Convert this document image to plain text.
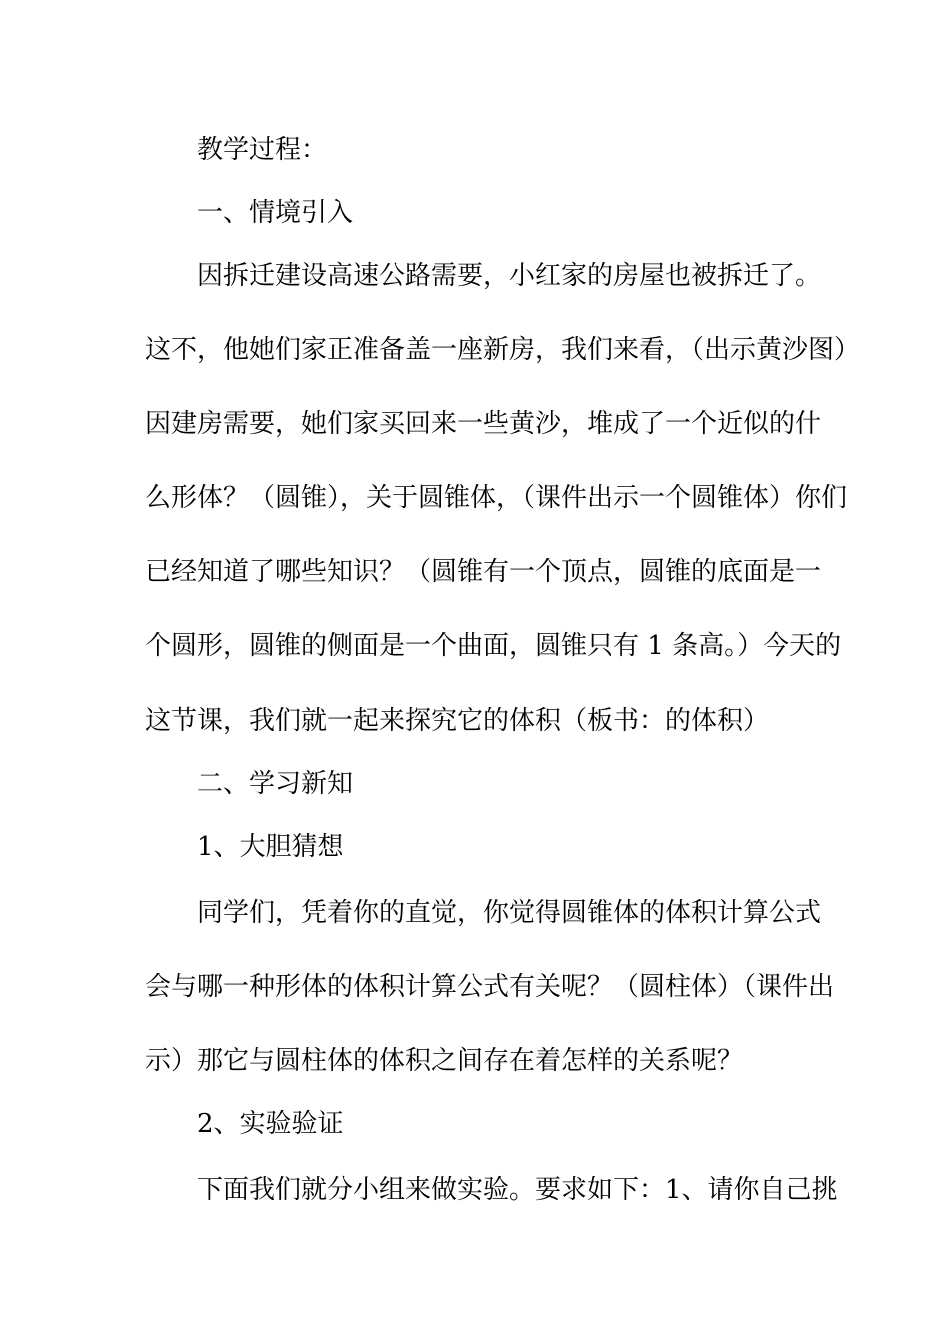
教学过程：
一、情境引入
因拆迁建设高速公路需要，小红家的房屋也被拆迁了。
这不，他她们家正准备盖一座新房，我们来看，（出示黄沙图）
因建房需要，她们家买回来一些黄沙，堆成了一个近似的什
么形体？（圆锥），关于圆锥体，（课件出示一个圆锥体）你们
已经知道了哪些知识？（圆锥有一个顶点，圆锥的底面是一
个圆形，圆锥的侧面是一个曲面，圆锥只有 1 条高。）今天的
这节课，我们就一起来探究它的体积（板书：的体积）
二、学习新知
1、大胆猜想
同学们，凭着你的直觉，你觉得圆锥体的体积计算公式
会与哪一种形体的体积计算公式有关呢？（圆柱体）（课件出
示）那它与圆柱体的体积之间存在着怎样的关系呢？
2、实验验证
下面我们就分小组来做实验。要求如下：1、请你自己挑
